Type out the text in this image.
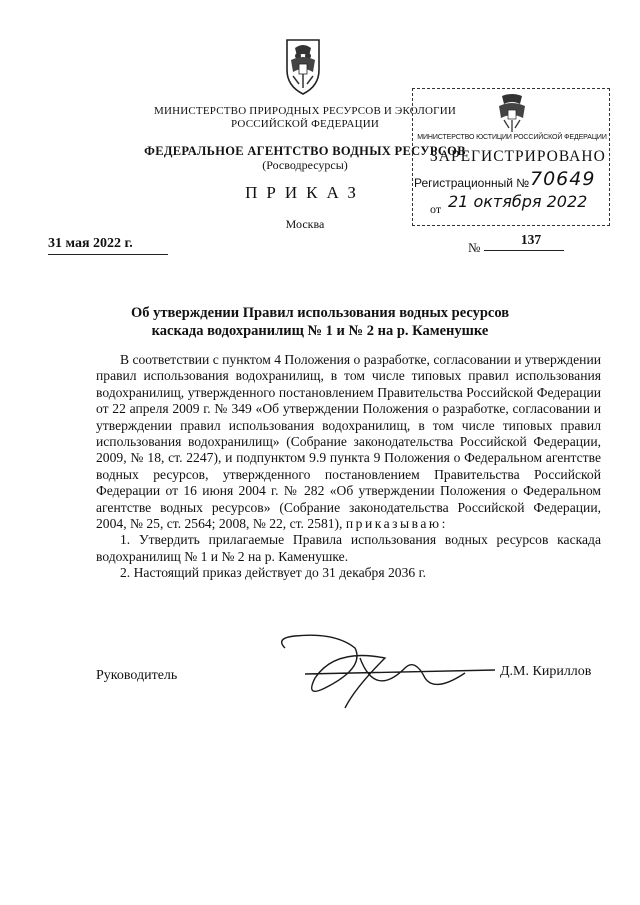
МИНИСТЕРСТВО ПРИРОДНЫХ РЕСУРСОВ И ЭКОЛОГИИ
РОССИЙСКОЙ ФЕДЕРАЦИИ
ФЕДЕРАЛЬНОЕ АГЕНТСТВО ВОДНЫХ РЕСУРСОВ
(Росводресурсы)
ПРИКАЗ
Москва
31 мая 2022 г.	№
137
МИНИСТЕРСТВО ЮСТИЦИИ РОССИЙСКОЙ ФЕДЕРАЦИИ
ЗАРЕГИСТРИРОВАНО
Регистрационный № 70649
от 21 октября 2022
Об утверждении Правил использования водных ресурсов
каскада водохранилищ № 1 и № 2 на р. Каменушке

В соответствии с пунктом 4 Положения о разработке, согласовании и утверждении правил использования водохранилищ, в том числе типовых правил использования водохранилищ, утвержденного постановлением Правительства Российской Федерации от 22 апреля 2009 г. № 349 «Об утверждении Положения о разработке, согласовании и утверждении правил использования водохранилищ, в том числе типовых правил использования водохранилищ» (Собрание законодательства Российской Федерации, 2009, № 18, ст. 2247), и подпунктом 9.9 пункта 9 Положения о Федеральном агентстве водных ресурсов, утвержденного постановлением Правительства Российской Федерации от 16 июня 2004 г. № 282 «Об утверждении Положения о Федеральном агентстве водных ресурсов» (Собрание законодательства Российской Федерации, 2004, № 25, ст. 2564; 2008, № 22, ст. 2581), приказываю:

1. Утвердить прилагаемые Правила использования водных ресурсов каскада водохранилищ № 1 и № 2 на р. Каменушке.

2. Настоящий приказ действует до 31 декабря 2036 г.

Руководитель	Д.М. Кириллов
